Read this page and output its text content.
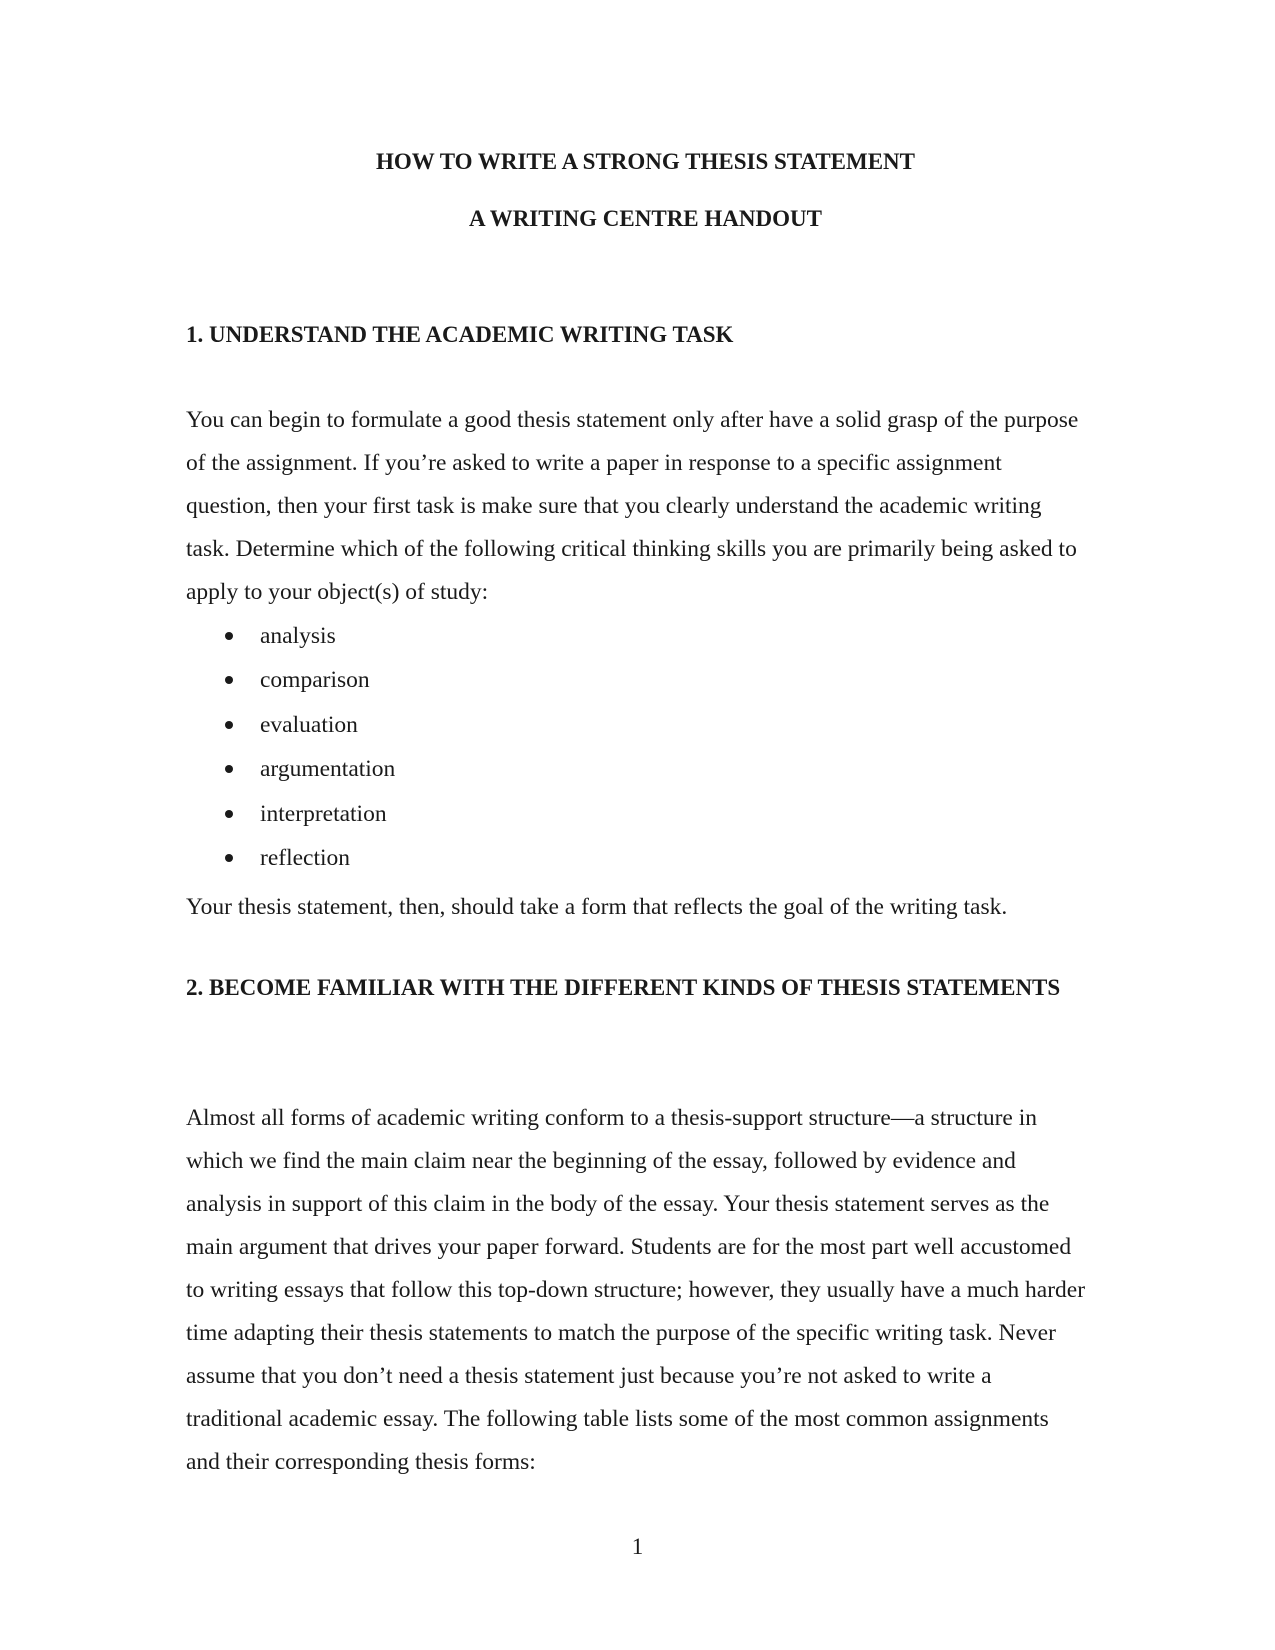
HOW TO WRITE A STRONG THESIS STATEMENT
A WRITING CENTRE HANDOUT
1. UNDERSTAND THE ACADEMIC WRITING TASK

You can begin to formulate a good thesis statement only after have a solid grasp of the purpose of the assignment. If you’re asked to write a paper in response to a specific assignment question, then your first task is make sure that you clearly understand the academic writing task. Determine which of the following critical thinking skills you are primarily being asked to apply to your object(s) of study:

analysis
comparison
evaluation
argumentation
interpretation
reflection

Your thesis statement, then, should take a form that reflects the goal of the writing task.

2. BECOME FAMILIAR WITH THE DIFFERENT KINDS OF THESIS STATEMENTS

Almost all forms of academic writing conform to a thesis-support structure—a structure in which we find the main claim near the beginning of the essay, followed by evidence and analysis in support of this claim in the body of the essay. Your thesis statement serves as the main argument that drives your paper forward. Students are for the most part well accustomed to writing essays that follow this top-down structure; however, they usually have a much harder time adapting their thesis statements to match the purpose of the specific writing task. Never assume that you don’t need a thesis statement just because you’re not asked to write a traditional academic essay. The following table lists some of the most common assignments and their corresponding thesis forms:

1
